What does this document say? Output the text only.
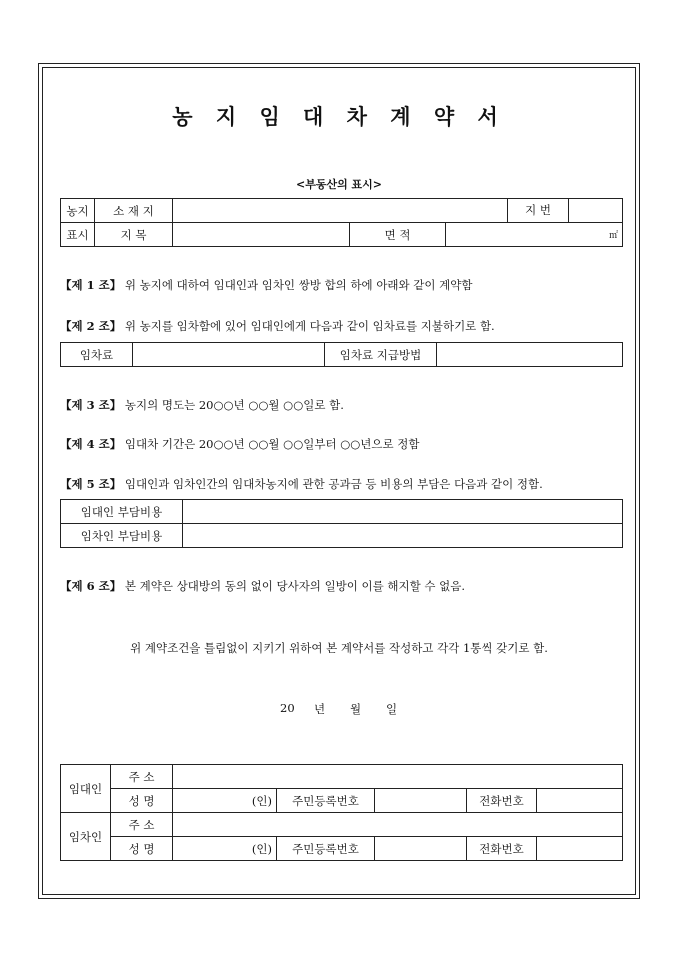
농 지 임 대 차 계 약 서
<부동산의 표시>
농지	소 재 지				지 번

표시	지 목		면 적	㎡	
【제 1 조】 위 농지에 대하여 임대인과 임차인 쌍방 합의 하에 아래와 같이 계약함
【제 2 조】 위 농지를 임차함에 있어 임대인에게 다음과 같이 임차료를 지불하기로 함.
임차료		임차료 지급방법	
【제 3 조】 농지의 명도는 20○○년 ○○월 ○○일로 함.
【제 4 조】 임대차 기간은 20○○년 ○○월 ○○일부터 ○○년으로 정함
【제 5 조】 임대인과 임차인간의 임대차농지에 관한 공과금 등 비용의 부담은 다음과 같이 정함.
임대인 부담비용	
임차인 부담비용	
【제 6 조】 본 계약은 상대방의 동의 없이 당사자의 일방이 이를 해지할 수 없음.
위 계약조건을 틀림없이 지키기 위하여 본 계약서를 작성하고 각각 1통씩 갖기로 함.
20 년 월 일
임대인	주 소					
	성 명	(인)	주민등록번호		전화번호	
임차인	주 소					
	성 명	(인)	주민등록번호		전화번호	
